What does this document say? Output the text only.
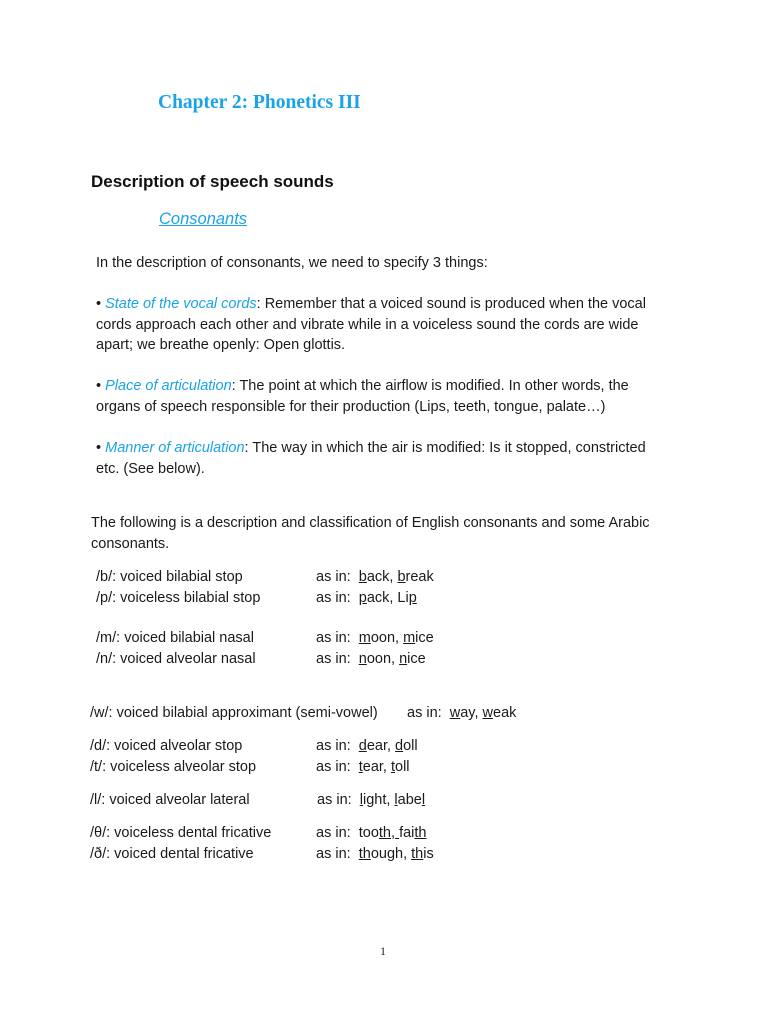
Chapter 2: Phonetics III
Description of speech sounds
Consonants
In the description of consonants, we need to specify 3 things:
• State of the vocal cords: Remember that a voiced sound is produced when the vocal
cords approach each other and vibrate while in a voiceless sound the cords are wide
apart; we breathe openly: Open glottis.
• Place of articulation: The point at which the airflow is modified. In other words, the
organs of speech responsible for their production (Lips, teeth, tongue, palate…)
• Manner of articulation: The way in which the air is modified: Is it stopped, constricted
etc. (See below).
The following is a description and classification of English consonants and some Arabic
consonants.
/b/: voiced bilabial stop	as in: back, break
/p/: voiceless bilabial stop	as in: pack, Lip
/m/: voiced bilabial nasal	as in: moon, mice
/n/: voiced alveolar nasal	as in: noon, nice
/w/: voiced bilabial approximant (semi-vowel) as in: way, weak
/d/: voiced alveolar stop	as in: dear, doll
/t/: voiceless alveolar stop	as in: tear, toll
/l/: voiced alveolar lateral	as in: light, label
/θ/: voiceless dental fricative	as in: tooth, faith
/ð/: voiced dental fricative	as in: though, this
1
